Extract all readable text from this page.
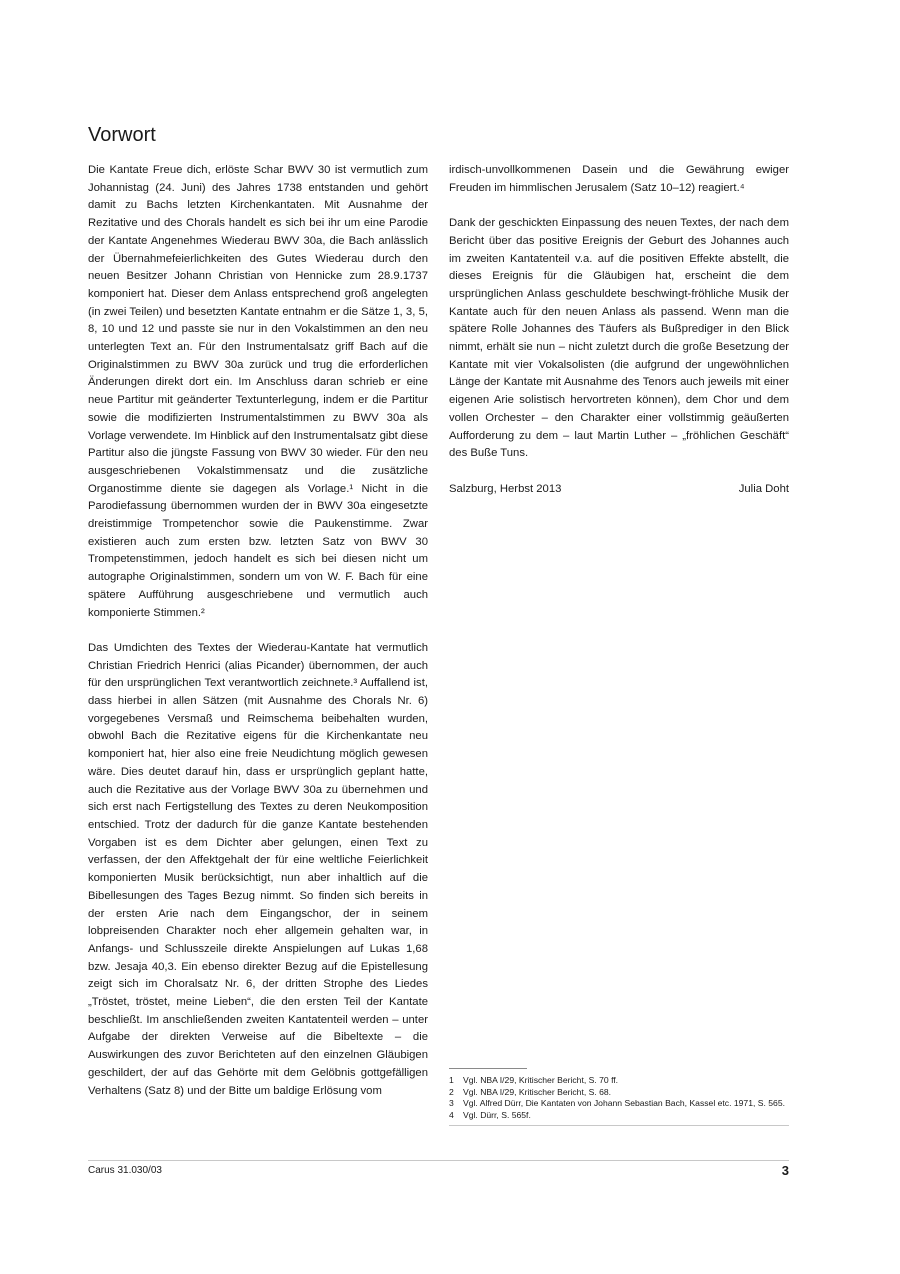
Vorwort

Die Kantate Freue dich, erlöste Schar BWV 30 ist vermutlich zum Johannistag (24. Juni) des Jahres 1738 entstanden und gehört damit zu Bachs letzten Kirchenkantaten. Mit Ausnahme der Rezitative und des Chorals handelt es sich bei ihr um eine Parodie der Kantate Angenehmes Wiederau BWV 30a, die Bach anlässlich der Übernahmefeierlichkeiten des Gutes Wiederau durch den neuen Besitzer Johann Christian von Hennicke zum 28.9.1737 komponiert hat. Dieser dem Anlass entsprechend groß angelegten (in zwei Teilen) und besetzten Kantate entnahm er die Sätze 1, 3, 5, 8, 10 und 12 und passte sie nur in den Vokalstimmen an den neu unterlegten Text an. Für den Instrumentalsatz griff Bach auf die Originalstimmen zu BWV 30a zurück und trug die erforderlichen Änderungen direkt dort ein. Im Anschluss daran schrieb er eine neue Partitur mit geänderter Textunterlegung, indem er die Partitur sowie die modifizierten Instrumentalstimmen zu BWV 30a als Vorlage verwendete. Im Hinblick auf den Instrumentalsatz gibt diese Partitur also die jüngste Fassung von BWV 30 wieder. Für den neu ausgeschriebenen Vokalstimmensatz und die zusätzliche Organostimme diente sie dagegen als Vorlage.¹ Nicht in die Parodiefassung übernommen wurden der in BWV 30a eingesetzte dreistimmige Trompetenchor sowie die Paukenstimme. Zwar existieren auch zum ersten bzw. letzten Satz von BWV 30 Trompetenstimmen, jedoch handelt es sich bei diesen nicht um autographe Originalstimmen, sondern um von W. F. Bach für eine spätere Aufführung ausgeschriebene und vermutlich auch komponierte Stimmen.²

Das Umdichten des Textes der Wiederau-Kantate hat vermutlich Christian Friedrich Henrici (alias Picander) übernommen, der auch für den ursprünglichen Text verantwortlich zeichnete.³ Auffallend ist, dass hierbei in allen Sätzen (mit Ausnahme des Chorals Nr. 6) vorgegebenes Versmaß und Reimschema beibehalten wurden, obwohl Bach die Rezitative eigens für die Kirchenkantate neu komponiert hat, hier also eine freie Neudichtung möglich gewesen wäre. Dies deutet darauf hin, dass er ursprünglich geplant hatte, auch die Rezitative aus der Vorlage BWV 30a zu übernehmen und sich erst nach Fertigstellung des Textes zu deren Neukomposition entschied. Trotz der dadurch für die ganze Kantate bestehenden Vorgaben ist es dem Dichter aber gelungen, einen Text zu verfassen, der den Affektgehalt der für eine weltliche Feierlichkeit komponierten Musik berücksichtigt, nun aber inhaltlich auf die Bibellesungen des Tages Bezug nimmt. So finden sich bereits in der ersten Arie nach dem Eingangschor, der in seinem lobpreisenden Charakter noch eher allgemein gehalten war, in Anfangs- und Schlusszeile direkte Anspielungen auf Lukas 1,68 bzw. Jesaja 40,3. Ein ebenso direkter Bezug auf die Epistellesung zeigt sich im Choralsatz Nr. 6, der dritten Strophe des Liedes „Tröstet, tröstet, meine Lieben“, die den ersten Teil der Kantate beschließt. Im anschließenden zweiten Kantatenteil werden – unter Aufgabe der direkten Verweise auf die Bibeltexte – die Auswirkungen des zuvor Berichteten auf den einzelnen Gläubigen geschildert, der auf das Gehörte mit dem Gelöbnis gottgefälligen Verhaltens (Satz 8) und der Bitte um baldige Erlösung vom

irdisch-unvollkommenen Dasein und die Gewährung ewiger Freuden im himmlischen Jerusalem (Satz 10–12) reagiert.⁴

Dank der geschickten Einpassung des neuen Textes, der nach dem Bericht über das positive Ereignis der Geburt des Johannes auch im zweiten Kantatenteil v.a. auf die positiven Effekte abstellt, die dieses Ereignis für die Gläubigen hat, erscheint die dem ursprünglichen Anlass geschuldete beschwingt-fröhliche Musik der Kantate auch für den neuen Anlass als passend. Wenn man die spätere Rolle Johannes des Täufers als Bußprediger in den Blick nimmt, erhält sie nun – nicht zuletzt durch die große Besetzung der Kantate mit vier Vokalsolisten (die aufgrund der ungewöhnlichen Länge der Kantate mit Ausnahme des Tenors auch jeweils mit einer eigenen Arie solistisch hervortreten können), dem Chor und dem vollen Orchester – den Charakter einer vollstimmig geäußerten Aufforderung zu dem – laut Martin Luther – „fröhlichen Geschäft“ des Buße Tuns.

Salzburg, Herbst 2013	Julia Doht
1	Vgl. NBA I/29, Kritischer Bericht, S. 70 ff.
2	Vgl. NBA I/29, Kritischer Bericht, S. 68.
3	Vgl. Alfred Dürr, Die Kantaten von Johann Sebastian Bach, Kassel etc. 1971, S. 565.
4	Vgl. Dürr, S. 565f.
Carus 31.030/03	3
